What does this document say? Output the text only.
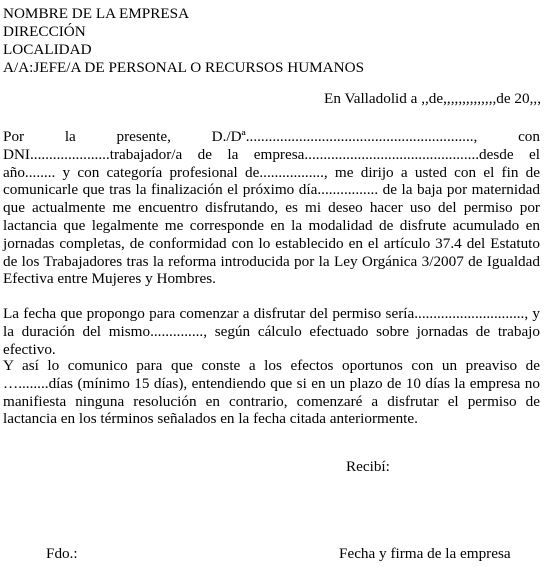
NOMBRE DE LA EMPRESA
DIRECCIÓN
LOCALIDAD
A/A:JEFE/A DE PERSONAL O RECURSOS HUMANOS
En Valladolid a ,,de,,,,,,,,,,,,,,de 20,,,
Por la presente, D./Dª............................................................, con DNI.....................trabajador/a de la empresa..............................................desde el año........ y con categoría profesional de................., me dirijo a usted con el fin de comunicarle que tras la finalización el próximo día................ de la baja por maternidad que actualmente me encuentro disfrutando, es mi deseo hacer uso del permiso por lactancia que legalmente me corresponde en la modalidad de disfrute acumulado en jornadas completas, de conformidad con lo establecido en el artículo 37.4 del Estatuto de los Trabajadores tras la reforma introducida por la Ley Orgánica 3/2007 de Igualdad Efectiva entre Mujeres y Hombres.
La fecha que propongo para comenzar a disfrutar del permiso sería............................., y la duración del mismo.............., según cálculo efectuado sobre jornadas de trabajo efectivo.
Y así lo comunico para que conste a los efectos oportunos con un preaviso de …........días (mínimo 15 días), entendiendo que si en un plazo de 10 días la empresa no manifiesta ninguna resolución en contrario, comenzaré a disfrutar el permiso de lactancia en los términos señalados en la fecha citada anteriormente.
Recibí:
Fdo.:	Fecha y firma de la empresa
